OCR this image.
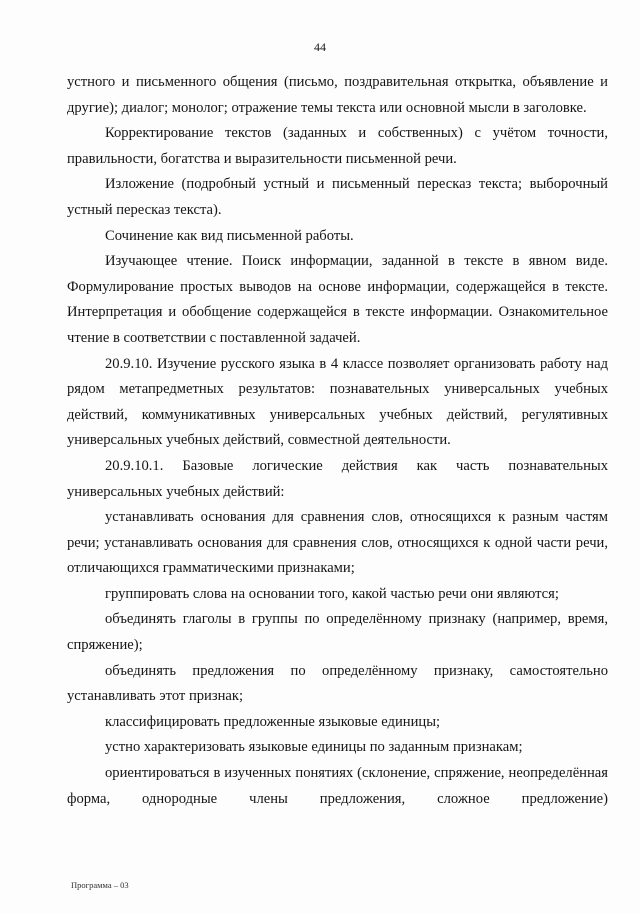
44

устного и письменного общения (письмо, поздравительная открытка, объявление и другие); диалог; монолог; отражение темы текста или основной мысли в заголовке.

Корректирование текстов (заданных и собственных) с учётом точности, правильности, богатства и выразительности письменной речи.

Изложение (подробный устный и письменный пересказ текста; выборочный устный пересказ текста).

Сочинение как вид письменной работы.

Изучающее чтение. Поиск информации, заданной в тексте в явном виде. Формулирование простых выводов на основе информации, содержащейся в тексте. Интерпретация и обобщение содержащейся в тексте информации. Ознакомительное чтение в соответствии с поставленной задачей.

20.9.10. Изучение русского языка в 4 классе позволяет организовать работу над рядом метапредметных результатов: познавательных универсальных учебных действий, коммуникативных универсальных учебных действий, регулятивных универсальных учебных действий, совместной деятельности.

20.9.10.1. Базовые логические действия как часть познавательных универсальных учебных действий:

устанавливать основания для сравнения слов, относящихся к разным частям речи; устанавливать основания для сравнения слов, относящихся к одной части речи, отличающихся грамматическими признаками;

группировать слова на основании того, какой частью речи они являются;

объединять глаголы в группы по определённому признаку (например, время, спряжение);

объединять предложения по определённому признаку, самостоятельно устанавливать этот признак;

классифицировать предложенные языковые единицы;

устно характеризовать языковые единицы по заданным признакам;

ориентироваться в изученных понятиях (склонение, спряжение, неопределённая форма, однородные члены предложения, сложное предложение)

Программа – 03
